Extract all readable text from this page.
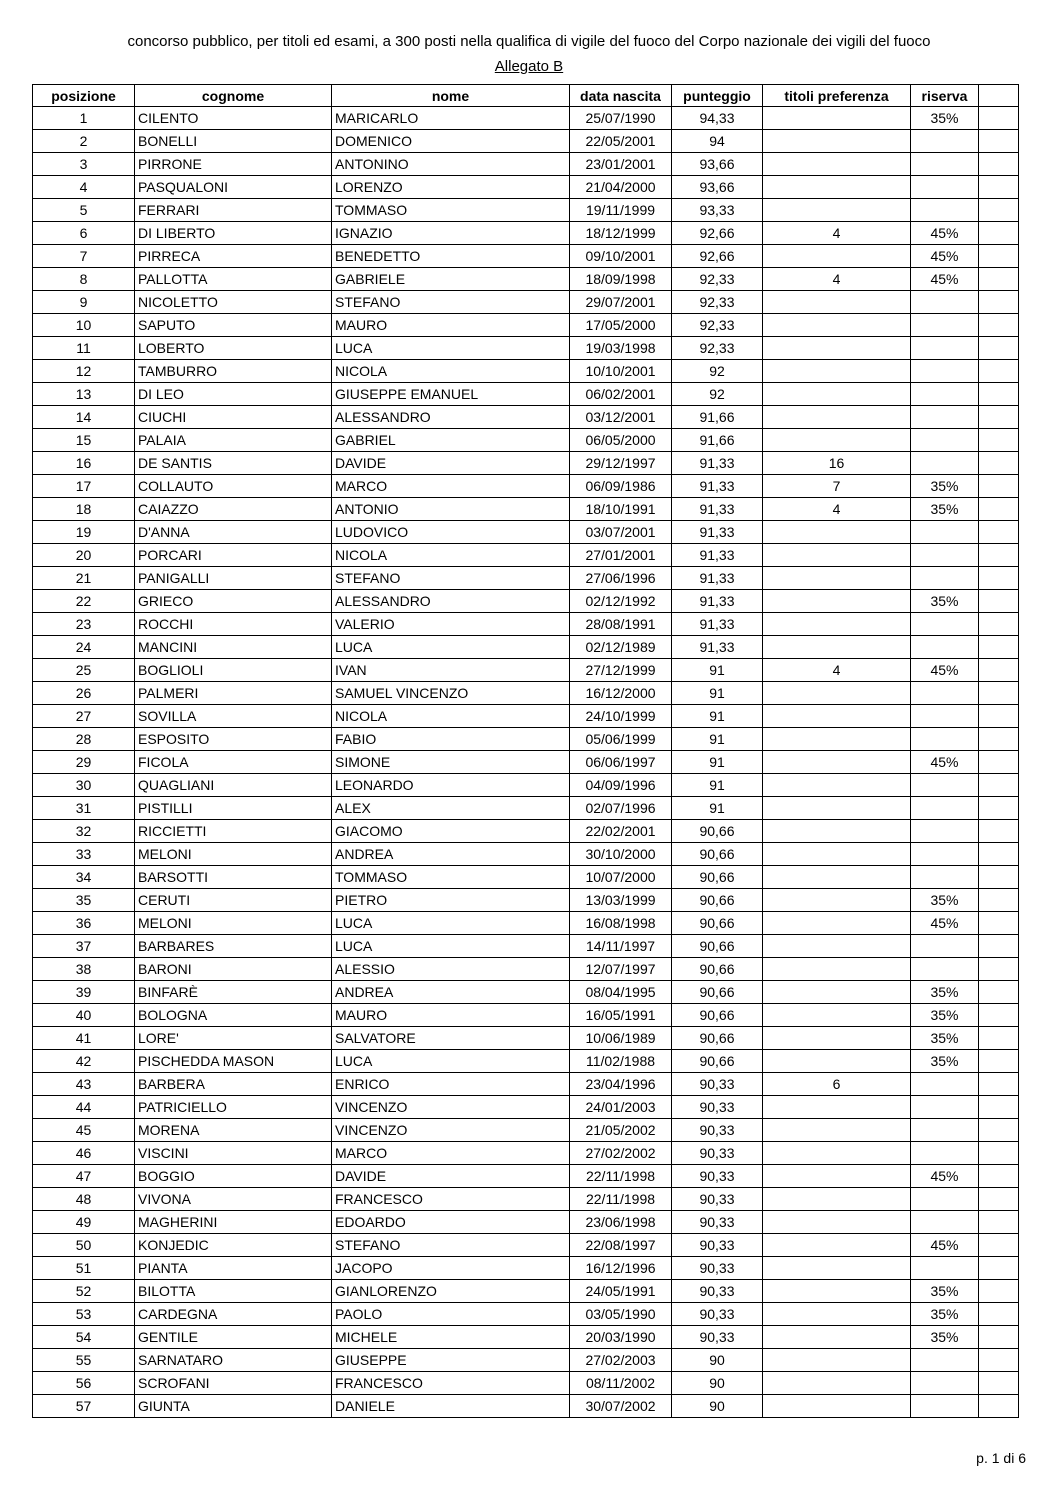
concorso pubblico, per titoli ed esami, a 300 posti nella qualifica di vigile del fuoco del Corpo nazionale dei vigili del fuoco
Allegato B
posizione	cognome	nome	data nascita	punteggio	titoli preferenza	riserva	
1	CILENTO	MARICARLO	25/07/1990	94,33		35%	
2	BONELLI	DOMENICO	22/05/2001	94			
3	PIRRONE	ANTONINO	23/01/2001	93,66			
4	PASQUALONI	LORENZO	21/04/2000	93,66			
5	FERRARI	TOMMASO	19/11/1999	93,33			
6	DI LIBERTO	IGNAZIO	18/12/1999	92,66	4	45%	
7	PIRRECA	BENEDETTO	09/10/2001	92,66		45%	
8	PALLOTTA	GABRIELE	18/09/1998	92,33	4	45%	
9	NICOLETTO	STEFANO	29/07/2001	92,33			
10	SAPUTO	MAURO	17/05/2000	92,33			
11	LOBERTO	LUCA	19/03/1998	92,33			
12	TAMBURRO	NICOLA	10/10/2001	92			
13	DI LEO	GIUSEPPE EMANUEL	06/02/2001	92			
14	CIUCHI	ALESSANDRO	03/12/2001	91,66			
15	PALAIA	GABRIEL	06/05/2000	91,66			
16	DE SANTIS	DAVIDE	29/12/1997	91,33	16		
17	COLLAUTO	MARCO	06/09/1986	91,33	7	35%	
18	CAIAZZO	ANTONIO	18/10/1991	91,33	4	35%	
19	D'ANNA	LUDOVICO	03/07/2001	91,33			
20	PORCARI	NICOLA	27/01/2001	91,33			
21	PANIGALLI	STEFANO	27/06/1996	91,33			
22	GRIECO	ALESSANDRO	02/12/1992	91,33		35%	
23	ROCCHI	VALERIO	28/08/1991	91,33			
24	MANCINI	LUCA	02/12/1989	91,33			
25	BOGLIOLI	IVAN	27/12/1999	91	4	45%	
26	PALMERI	SAMUEL VINCENZO	16/12/2000	91			
27	SOVILLA	NICOLA	24/10/1999	91			
28	ESPOSITO	FABIO	05/06/1999	91			
29	FICOLA	SIMONE	06/06/1997	91		45%	
30	QUAGLIANI	LEONARDO	04/09/1996	91			
31	PISTILLI	ALEX	02/07/1996	91			
32	RICCIETTI	GIACOMO	22/02/2001	90,66			
33	MELONI	ANDREA	30/10/2000	90,66			
34	BARSOTTI	TOMMASO	10/07/2000	90,66			
35	CERUTI	PIETRO	13/03/1999	90,66		35%	
36	MELONI	LUCA	16/08/1998	90,66		45%	
37	BARBARES	LUCA	14/11/1997	90,66			
38	BARONI	ALESSIO	12/07/1997	90,66			
39	BINFARÈ	ANDREA	08/04/1995	90,66		35%	
40	BOLOGNA	MAURO	16/05/1991	90,66		35%	
41	LORE'	SALVATORE	10/06/1989	90,66		35%	
42	PISCHEDDA MASON	LUCA	11/02/1988	90,66		35%	
43	BARBERA	ENRICO	23/04/1996	90,33	6		
44	PATRICIELLO	VINCENZO	24/01/2003	90,33			
45	MORENA	VINCENZO	21/05/2002	90,33			
46	VISCINI	MARCO	27/02/2002	90,33			
47	BOGGIO	DAVIDE	22/11/1998	90,33		45%	
48	VIVONA	FRANCESCO	22/11/1998	90,33			
49	MAGHERINI	EDOARDO	23/06/1998	90,33			
50	KONJEDIC	STEFANO	22/08/1997	90,33		45%	
51	PIANTA	JACOPO	16/12/1996	90,33			
52	BILOTTA	GIANLORENZO	24/05/1991	90,33		35%	
53	CARDEGNA	PAOLO	03/05/1990	90,33		35%	
54	GENTILE	MICHELE	20/03/1990	90,33		35%	
55	SARNATARO	GIUSEPPE	27/02/2003	90			
56	SCROFANI	FRANCESCO	08/11/2002	90			
57	GIUNTA	DANIELE	30/07/2002	90			
p. 1 di 6
